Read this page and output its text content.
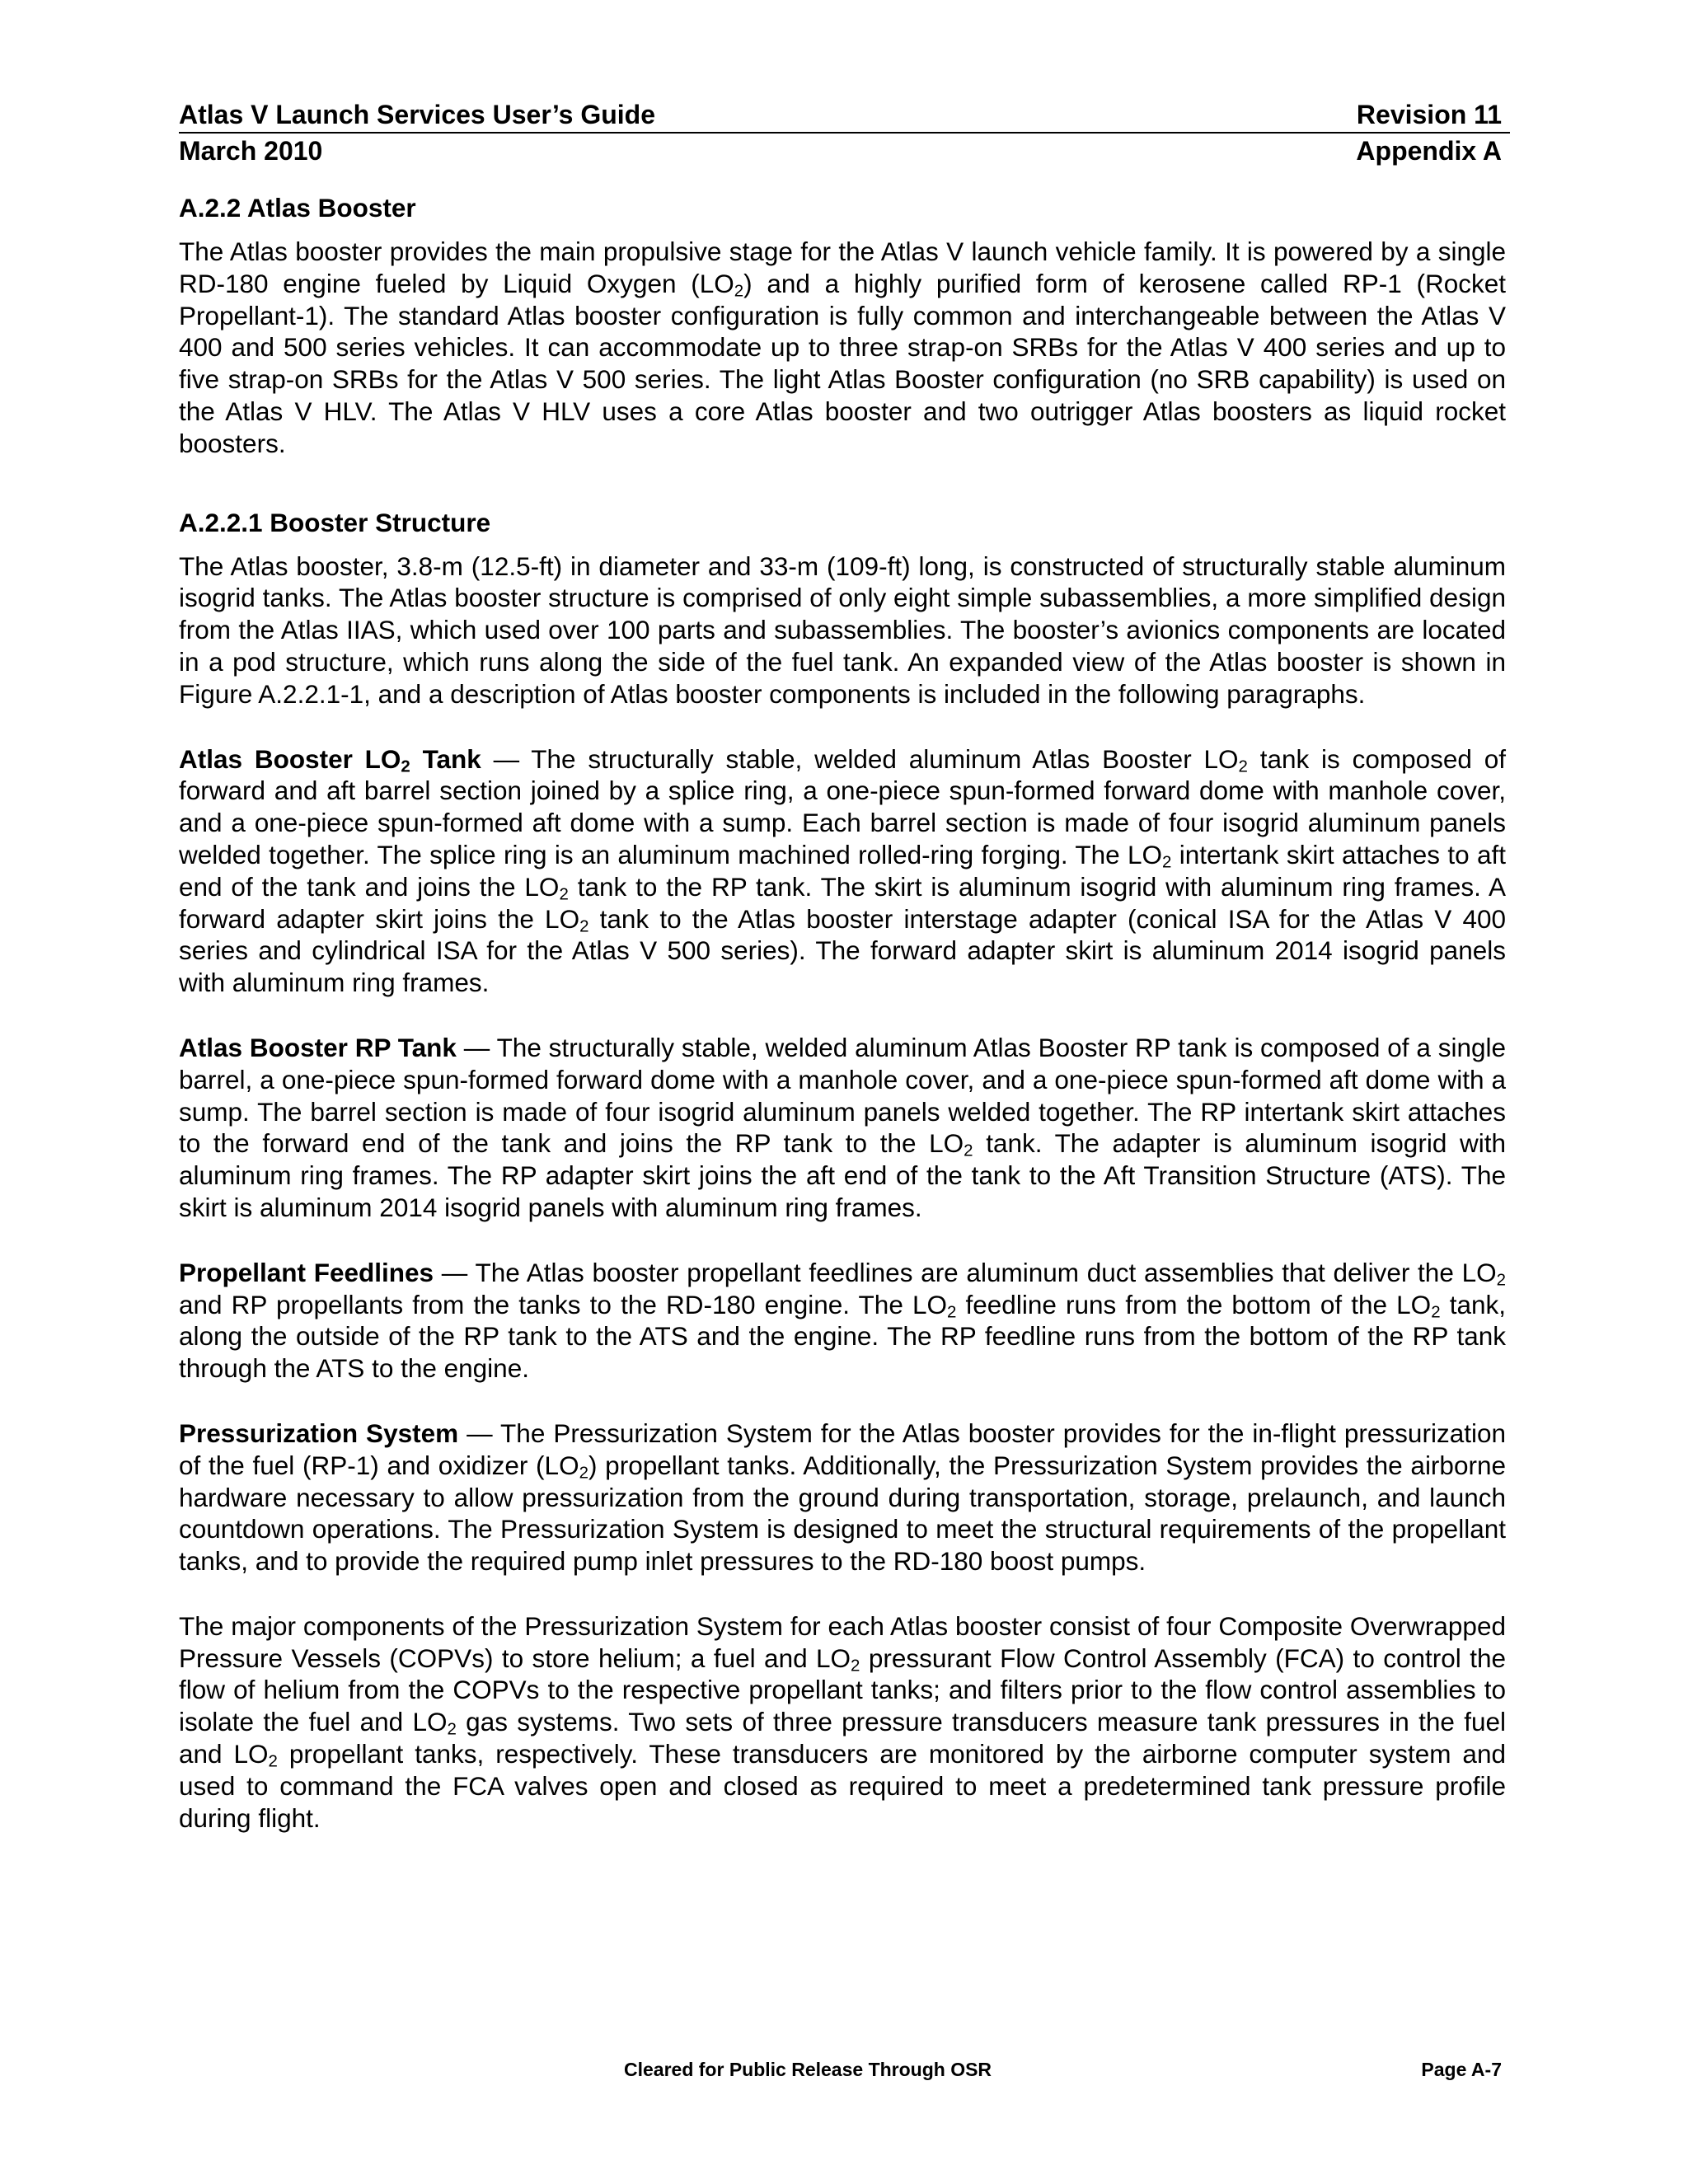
Atlas V Launch Services User’s Guide	Revision 11
March 2010	Appendix A
A.2.2 Atlas Booster

The Atlas booster provides the main propulsive stage for the Atlas V launch vehicle family. It is powered by a single RD-180 engine fueled by Liquid Oxygen $(LO_2)$ and a highly purified form of kerosene called RP-1 (Rocket Propellant-1). The standard Atlas booster configuration is fully common and interchangeable between the Atlas V 400 and 500 series vehicles. It can accommodate up to three strap-on SRBs for the Atlas V 400 series and up to five strap-on SRBs for the Atlas V 500 series. The light Atlas Booster configuration (no SRB capability) is used on the Atlas V HLV. The Atlas V HLV uses a core Atlas booster and two outrigger Atlas boosters as liquid rocket boosters.

A.2.2.1 Booster Structure

The Atlas booster, 3.8-m (12.5-ft) in diameter and 33-m (109-ft) long, is constructed of structurally stable aluminum isogrid tanks. The Atlas booster structure is comprised of only eight simple subassemblies, a more simplified design from the Atlas IIAS, which used over 100 parts and subassemblies. The booster’s avionics components are located in a pod structure, which runs along the side of the fuel tank. An expanded view of the Atlas booster is shown in Figure A.2.2.1-1, and a description of Atlas booster components is included in the following paragraphs.

Atlas Booster $LO_2$ Tank — The structurally stable, welded aluminum Atlas Booster $LO_2$ tank is composed of forward and aft barrel section joined by a splice ring, a one-piece spun-formed forward dome with manhole cover, and a one-piece spun-formed aft dome with a sump. Each barrel section is made of four isogrid aluminum panels welded together. The splice ring is an aluminum machined rolled-ring forging. The $LO_2$ intertank skirt attaches to aft end of the tank and joins the $LO_2$ tank to the RP tank. The skirt is aluminum isogrid with aluminum ring frames. A forward adapter skirt joins the $LO_2$ tank to the Atlas booster interstage adapter (conical ISA for the Atlas V 400 series and cylindrical ISA for the Atlas V 500 series). The forward adapter skirt is aluminum 2014 isogrid panels with aluminum ring frames.

Atlas Booster RP Tank — The structurally stable, welded aluminum Atlas Booster RP tank is composed of a single barrel, a one-piece spun-formed forward dome with a manhole cover, and a one-piece spun-formed aft dome with a sump. The barrel section is made of four isogrid aluminum panels welded together. The RP intertank skirt attaches to the forward end of the tank and joins the RP tank to the $LO_2$ tank. The adapter is aluminum isogrid with aluminum ring frames. The RP adapter skirt joins the aft end of the tank to the Aft Transition Structure (ATS). The skirt is aluminum 2014 isogrid panels with aluminum ring frames.

Propellant Feedlines — The Atlas booster propellant feedlines are aluminum duct assemblies that deliver the $LO_2$ and RP propellants from the tanks to the RD-180 engine. The $LO_2$ feedline runs from the bottom of the $LO_2$ tank, along the outside of the RP tank to the ATS and the engine. The RP feedline runs from the bottom of the RP tank through the ATS to the engine.

Pressurization System — The Pressurization System for the Atlas booster provides for the in-flight pressurization of the fuel (RP-1) and oxidizer $(LO_2)$ propellant tanks. Additionally, the Pressurization System provides the airborne hardware necessary to allow pressurization from the ground during transportation, storage, prelaunch, and launch countdown operations. The Pressurization System is designed to meet the structural requirements of the propellant tanks, and to provide the required pump inlet pressures to the RD-180 boost pumps.

The major components of the Pressurization System for each Atlas booster consist of four Composite Overwrapped Pressure Vessels (COPVs) to store helium; a fuel and $LO_2$ pressurant Flow Control Assembly (FCA) to control the flow of helium from the COPVs to the respective propellant tanks; and filters prior to the flow control assemblies to isolate the fuel and $LO_2$ gas systems. Two sets of three pressure transducers measure tank pressures in the fuel and $LO_2$ propellant tanks, respectively. These transducers are monitored by the airborne computer system and used to command the FCA valves open and closed as required to meet a predetermined tank pressure profile during flight.

Cleared for Public Release Through OSR	Page A-7
